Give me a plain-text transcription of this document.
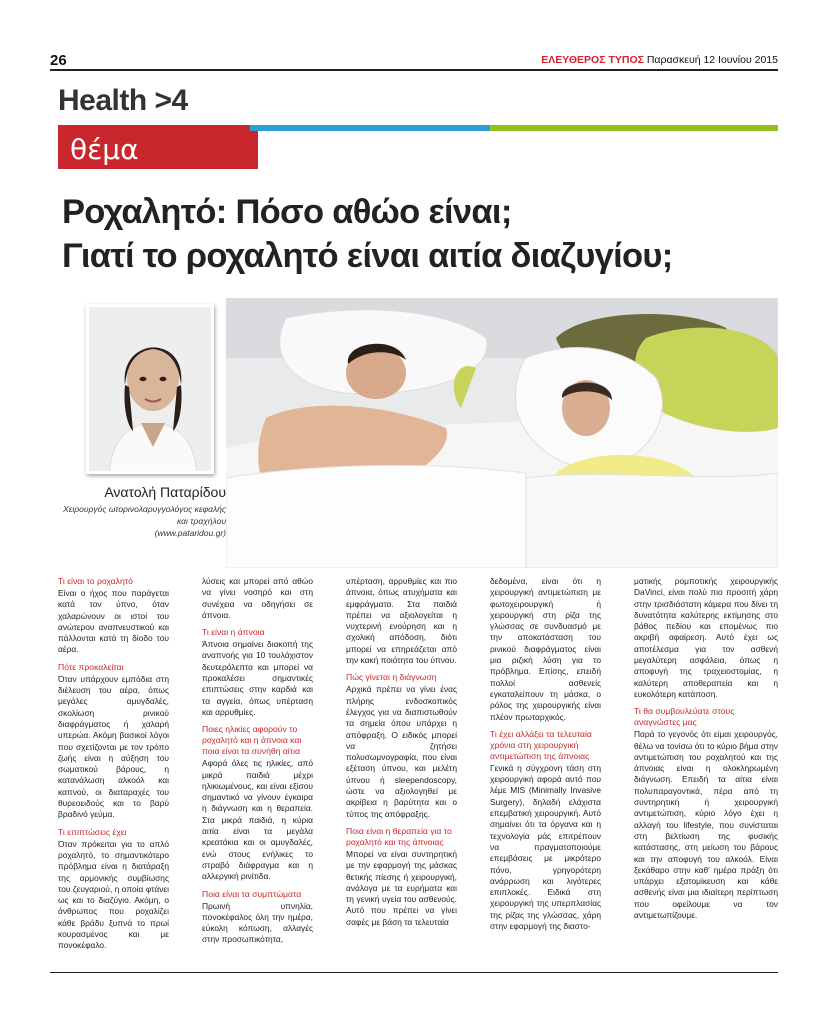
26	ΕΛΕΥΘΕΡΟΣ ΤΥΠΟΣ Παρασκευή 12 Ιουνίου 2015
Health >4
θέμα
Ροχαλητό: Πόσο αθώο είναι;
Γιατί το ροχαλητό είναι αιτία διαζυγίου;
Ανατολή Παταρίδου
Χειρουργός ωτορινολαρυγγολόγος κεφαλής και τραχήλου
(www.pataridou.gr)
Τι είναι το ροχαλητό

Είναι ο ήχος που παράγεται κατά τον ύπνο, όταν χαλαρώνουν οι ιστοί του ανώτερου αναπνευστικού και πάλλονται κατά τη δίοδο του αέρα.

Πότε προκαλείται

Όταν υπάρχουν εμπόδια στη διέλευση του αέρα, όπως μεγάλες αμυγδαλές, σκολίωση ρινικού διαφράγματος ή χαλαρή υπερώα. Ακόμη βασικοί λόγοι που σχετίζονται με τον τρόπο ζωής είναι η αύξηση του σωματικού βάρους, η κατανάλωση αλκοόλ και καπνού, οι διαταραχές του θυρεοειδούς και το βαρύ βραδινό γεύμα.

Τι επιπτώσεις έχει

Όταν πρόκειται για το απλό ροχαλητό, το σημαντικότερο πρόβλημα είναι η διατάραξη της αρμονικής συμβίωσης του ζευγαριού, η οποία φτάνει ως και το διαζύγιο. Ακόμη, ο άνθρωπος που ροχαλίζει κάθε βράδυ ξυπνά το πρωί κουρασμένος και με πονοκέφαλο.

λύσεις και μπορεί από αθώο να γίνει νοσηρό και στη συνέχεια να οδηγήσει σε άπνοια.

Τι είναι η άπνοια

Άπνοια σημαίνει διακοπή της αναπνοής για 10 τουλάχιστον δευτερόλεπτα και μπορεί να προκαλέσει σημαντικές επιπτώσεις στην καρδιά και τα αγγεία, όπως υπέρταση και αρρυθμίες.

Ποιες ηλικίες αφορούν το ροχαλητό και η άπνοια και ποια είναι τα συνήθη αίτια

Αφορά όλες τις ηλικίες, από μικρά παιδιά μέχρι ηλικιωμένους, και είναι εξίσου σημαντικό να γίνουν έγκαιρα η διάγνωση και η θεραπεία. Στα μικρά παιδιά, η κύρια αιτία είναι τα μεγάλα κρεατάκια και οι αμυγδαλές, ενώ στους ενήλικες το στραβό διάφραγμα και η αλλεργική ρινίτιδα.

Ποια είναι τα συμπτώματα

Πρωινή υπνηλία, πονοκέφαλος όλη την ημέρα, εύκολη κόπωση, αλλαγές στην προσωπικότητα,

υπέρταση, αρρυθμίες και πιο άπνοια, όπως ατυχήματα και εμφράγματα. Στα παιδιά πρέπει να αξιολογείται η νυχτερινή ενούρηση και η σχολική απόδοση, διότι μπορεί να επηρεάζεται από την κακή ποιότητα του ύπνου.

Πώς γίνεται η διάγνωση

Αρχικά πρέπει να γίνει ένας πλήρης ενδοσκοπικός έλεγχος για να διαπιστωθούν τα σημεία όπου υπάρχει η απόφραξη. Ο ειδικός μπορεί να ζητήσει πολυσωμνογραφία, που είναι εξέταση ύπνου, και μελέτη ύπνου ή sleependoscopy, ώστε να αξιολογηθεί με ακρίβεια η βαρύτητα και ο τύπος της απόφραξης.

Ποια είναι η θεραπεία για το ροχαλητό και της άπνοιας

Μπορεί να είναι συντηρητική με την εφαρμογή της μάσκας θετικής πίεσης ή χειρουργική, ανάλογα με τα ευρήματα και τη γενική υγεία του ασθενούς. Αυτό που πρέπει να γίνει σαφές με βάση τα τελευταία

δεδομένα, είναι ότι η χειρουργική αντιμετώπιση με φωτοχειρουργική ή χειρουργική στη ρίζα της γλώσσας σε συνδυασμό με την αποκατάσταση του ρινικού διαφράγματος είναι μια ριζική λύση για το πρόβλημα. Επίσης, επειδή πολλοί ασθενείς εγκαταλείπουν τη μάσκα, ο ρόλος της χειρουργικής είναι πλέον πρωταρχικός.

Τι έχει αλλάξει τα τελευταία χρόνια στη χειρουργική αντιμετώπιση της άπνοιας

Γενικά η σύγχρονη τάση στη χειρουργική αφορά αυτό που λέμε MIS (Minimally Invasive Surgery), δηλαδή ελάχιστα επεμβατική χειρουργική. Αυτό σημαίνει ότι τα όργανα και η τεχνολογία μάς επιτρέπουν να πραγματοποιούμε επεμβάσεις με μικρότερο πόνο, γρηγορότερη ανάρρωση και λιγότερες επιπλοκές. Ειδικά στη χειρουργική της υπερπλασίας της ρίζας της γλώσσας, χάρη στην εφαρμογή της διαστο-

ματικής ρομποτικής χειρουργικής DaVinci, είναι πολύ πιο προσιτή χάρη στην τρισδιάστατη κάμερα που δίνει τη δυνατότητα καλύτερης εκτίμησης στο βάθος πεδίου και επομένως πιο ακριβή αφαίρεση. Αυτό έχει ως αποτέλεσμα για τον ασθενή μεγαλύτερη ασφάλεια, όπως η αποφυγή της τραχειοστομίας, η καλύτερη αποθεραπεία και η ευκολότερη κατάποση.

Τι θα συμβουλεύατε στους αναγνώστες μας

Παρά το γεγονός ότι είμαι χειρουργός, θέλω να τονίσω ότι το κύριο βήμα στην αντιμετώπιση του ροχαλητού και της άπνοιας είναι η ολοκληρωμένη διάγνωση. Επειδή τα αίτια είναι πολυπαραγοντικά, πέρα από τη συντηρητική ή χειρουργική αντιμετώπιση, κύριο λόγο έχει η αλλαγή του lifestyle, που συνίσταται στη βελτίωση της φυσικής κατάστασης, στη μείωση του βάρους και την αποφυγή του αλκοόλ. Είναι ξεκάθαρο στην καθ' ημέρα πράξη ότι υπάρχει εξατομίκευση και κάθε ασθενής είναι μια ιδιαίτερη περίπτωση που οφείλουμε να τον αντιμετωπίζουμε.
